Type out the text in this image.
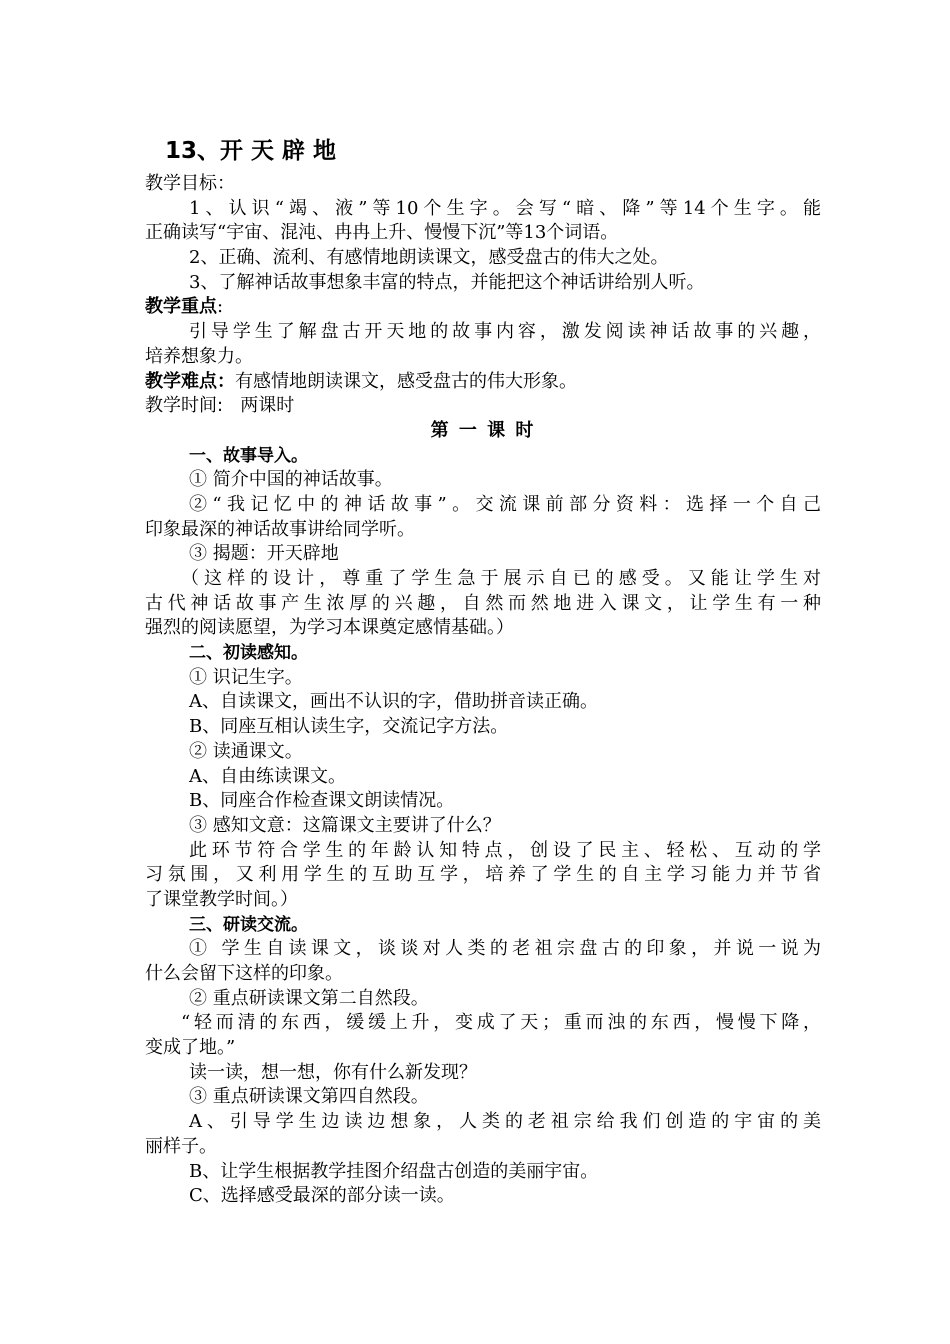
13、开 天 辟 地
教学目标：
1、认识“竭、液”等10个生字。会写“暗、降”等14个生字。能
正确读写“宇宙、混沌、冉冉上升、慢慢下沉”等13个词语。
2、正确、流利、有感情地朗读课文，感受盘古的伟大之处。
3、了解神话故事想象丰富的特点，并能把这个神话讲给别人听。
教学重点:
引导学生了解盘古开天地的故事内容，激发阅读神话故事的兴趣，
培养想象力。
教学难点：有感情地朗读课文，感受盘古的伟大形象。
教学时间: 两课时
第 一 课 时
一、故事导入。
① 简介中国的神话故事。
②“我记忆中的神话故事”。交流课前部分资料：选择一个自己
印象最深的神话故事讲给同学听。
③ 揭题：开天辟地
（这样的设计，尊重了学生急于展示自已的感受。又能让学生对
古代神话故事产生浓厚的兴趣，自然而然地进入课文，让学生有一种
强烈的阅读愿望，为学习本课奠定感情基础。）
二、初读感知。
① 识记生字。
A、自读课文，画出不认识的字，借助拼音读正确。
B、同座互相认读生字，交流记字方法。
② 读通课文。
A、自由练读课文。
B、同座合作检查课文朗读情况。
③ 感知文意：这篇课文主要讲了什么？
此环节符合学生的年龄认知特点，创设了民主、轻松、互动的学
习氛围，又利用学生的互助互学，培养了学生的自主学习能力并节省
了课堂教学时间。）
三、研读交流。
① 学生自读课文，谈谈对人类的老祖宗盘古的印象，并说一说为
什么会留下这样的印象。
② 重点研读课文第二自然段。
“轻而清的东西，缓缓上升，变成了天；重而浊的东西，慢慢下降，
变成了地。”
读一读，想一想，你有什么新发现？
③ 重点研读课文第四自然段。
A、引导学生边读边想象，人类的老祖宗给我们创造的宇宙的美
丽样子。
B、让学生根据教学挂图介绍盘古创造的美丽宇宙。
C、选择感受最深的部分读一读。
